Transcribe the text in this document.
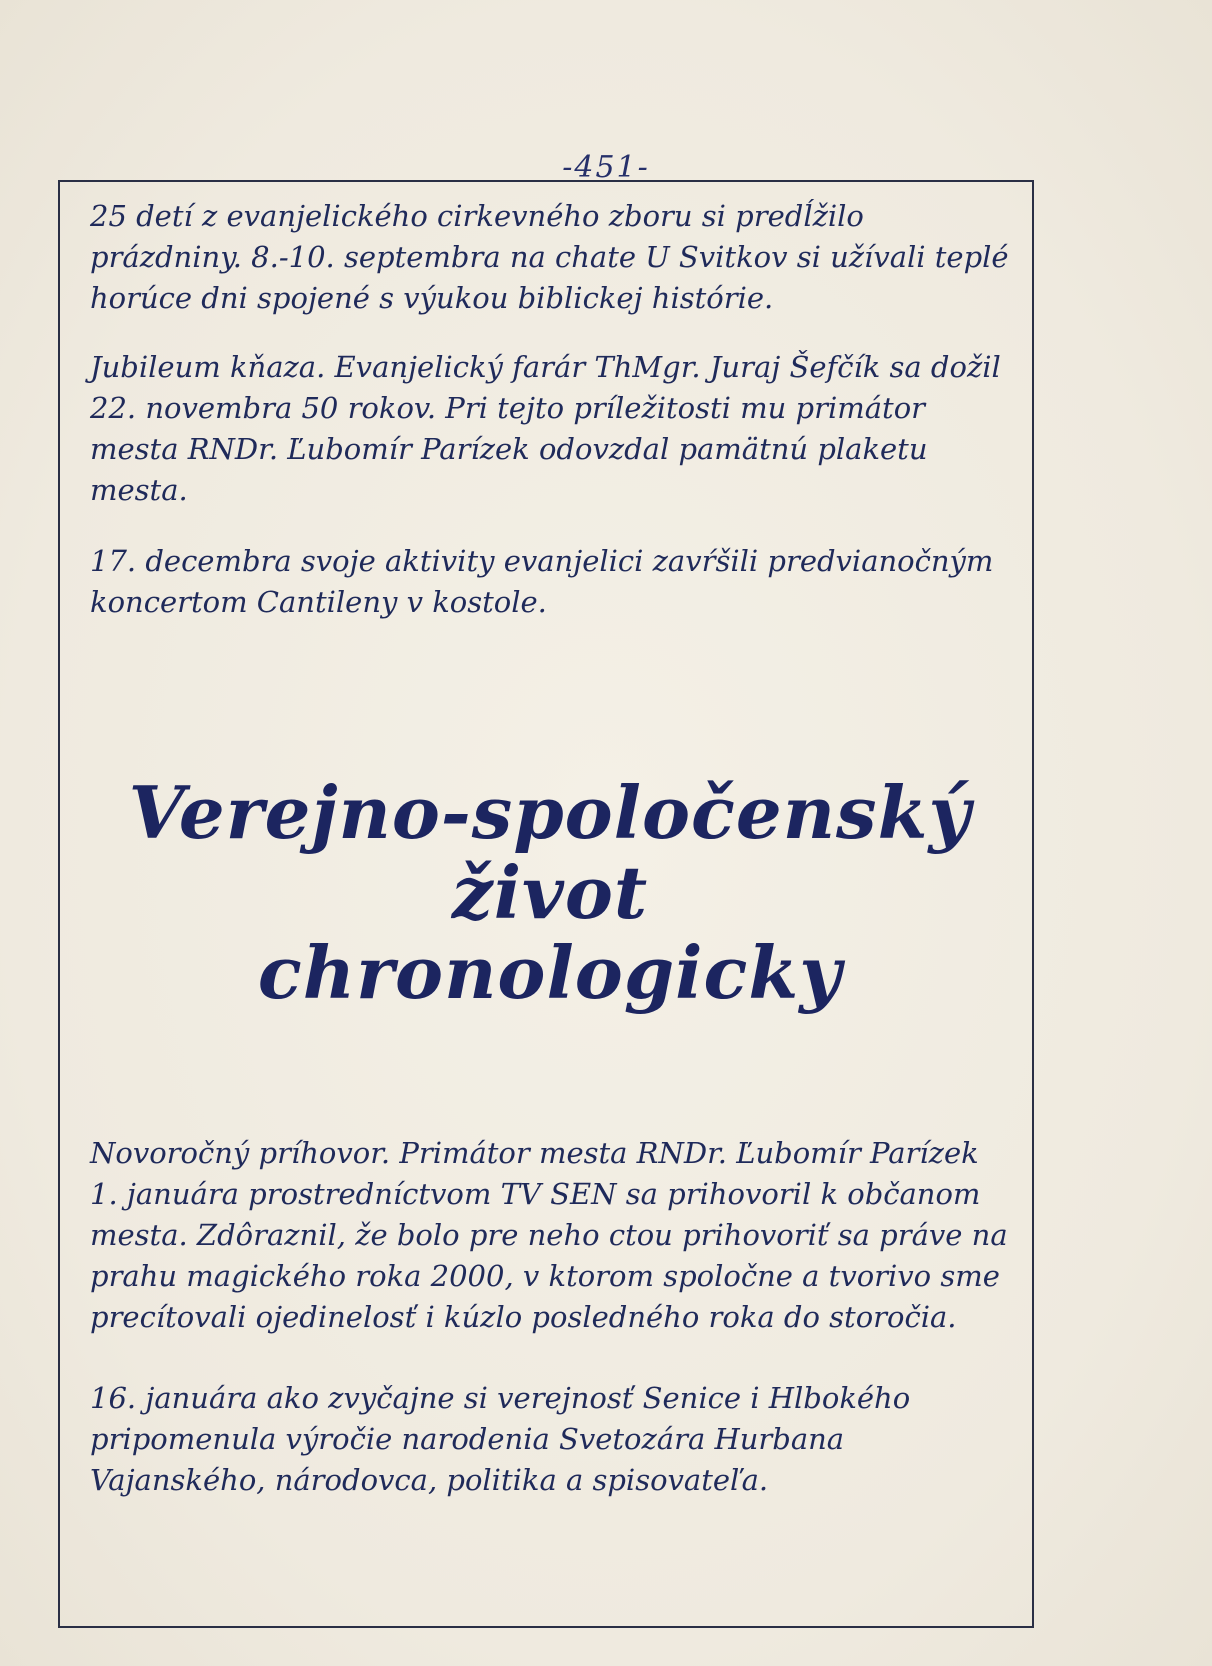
-451-

25 detí z evanjelického cirkevného zboru si predĺžilo prázdniny. 8.-10. septembra na chate U Svitkov si užívali teplé horúce dni spojené s výukou biblickej histórie.

Jubileum kňaza. Evanjelický farár ThMgr. Juraj Šefčík sa dožil 22. novembra 50 rokov. Pri tejto príležitosti mu primátor mesta RNDr. Ľubomír Parízek odovzdal pamätnú plaketu mesta.

17. decembra svoje aktivity evanjelici zavŕšili predvianočným koncertom Cantileny v kostole.

Verejno-spoločenský život
chronologicky

Novoročný príhovor. Primátor mesta RNDr. Ľubomír Parízek 1. januára prostredníctvom TV SEN sa prihovoril k občanom mesta. Zdôraznil, že bolo pre neho ctou prihovoriť sa práve na prahu magického roka 2000, v ktorom spoločne a tvorivo sme precítovali ojedinelosť i kúzlo posledného roka do storočia.

16. januára ako zvyčajne si verejnosť Senice i Hlbokého pripomenula výročie narodenia Svetozára Hurbana Vajanského, národovca, politika a spisovateľa.
